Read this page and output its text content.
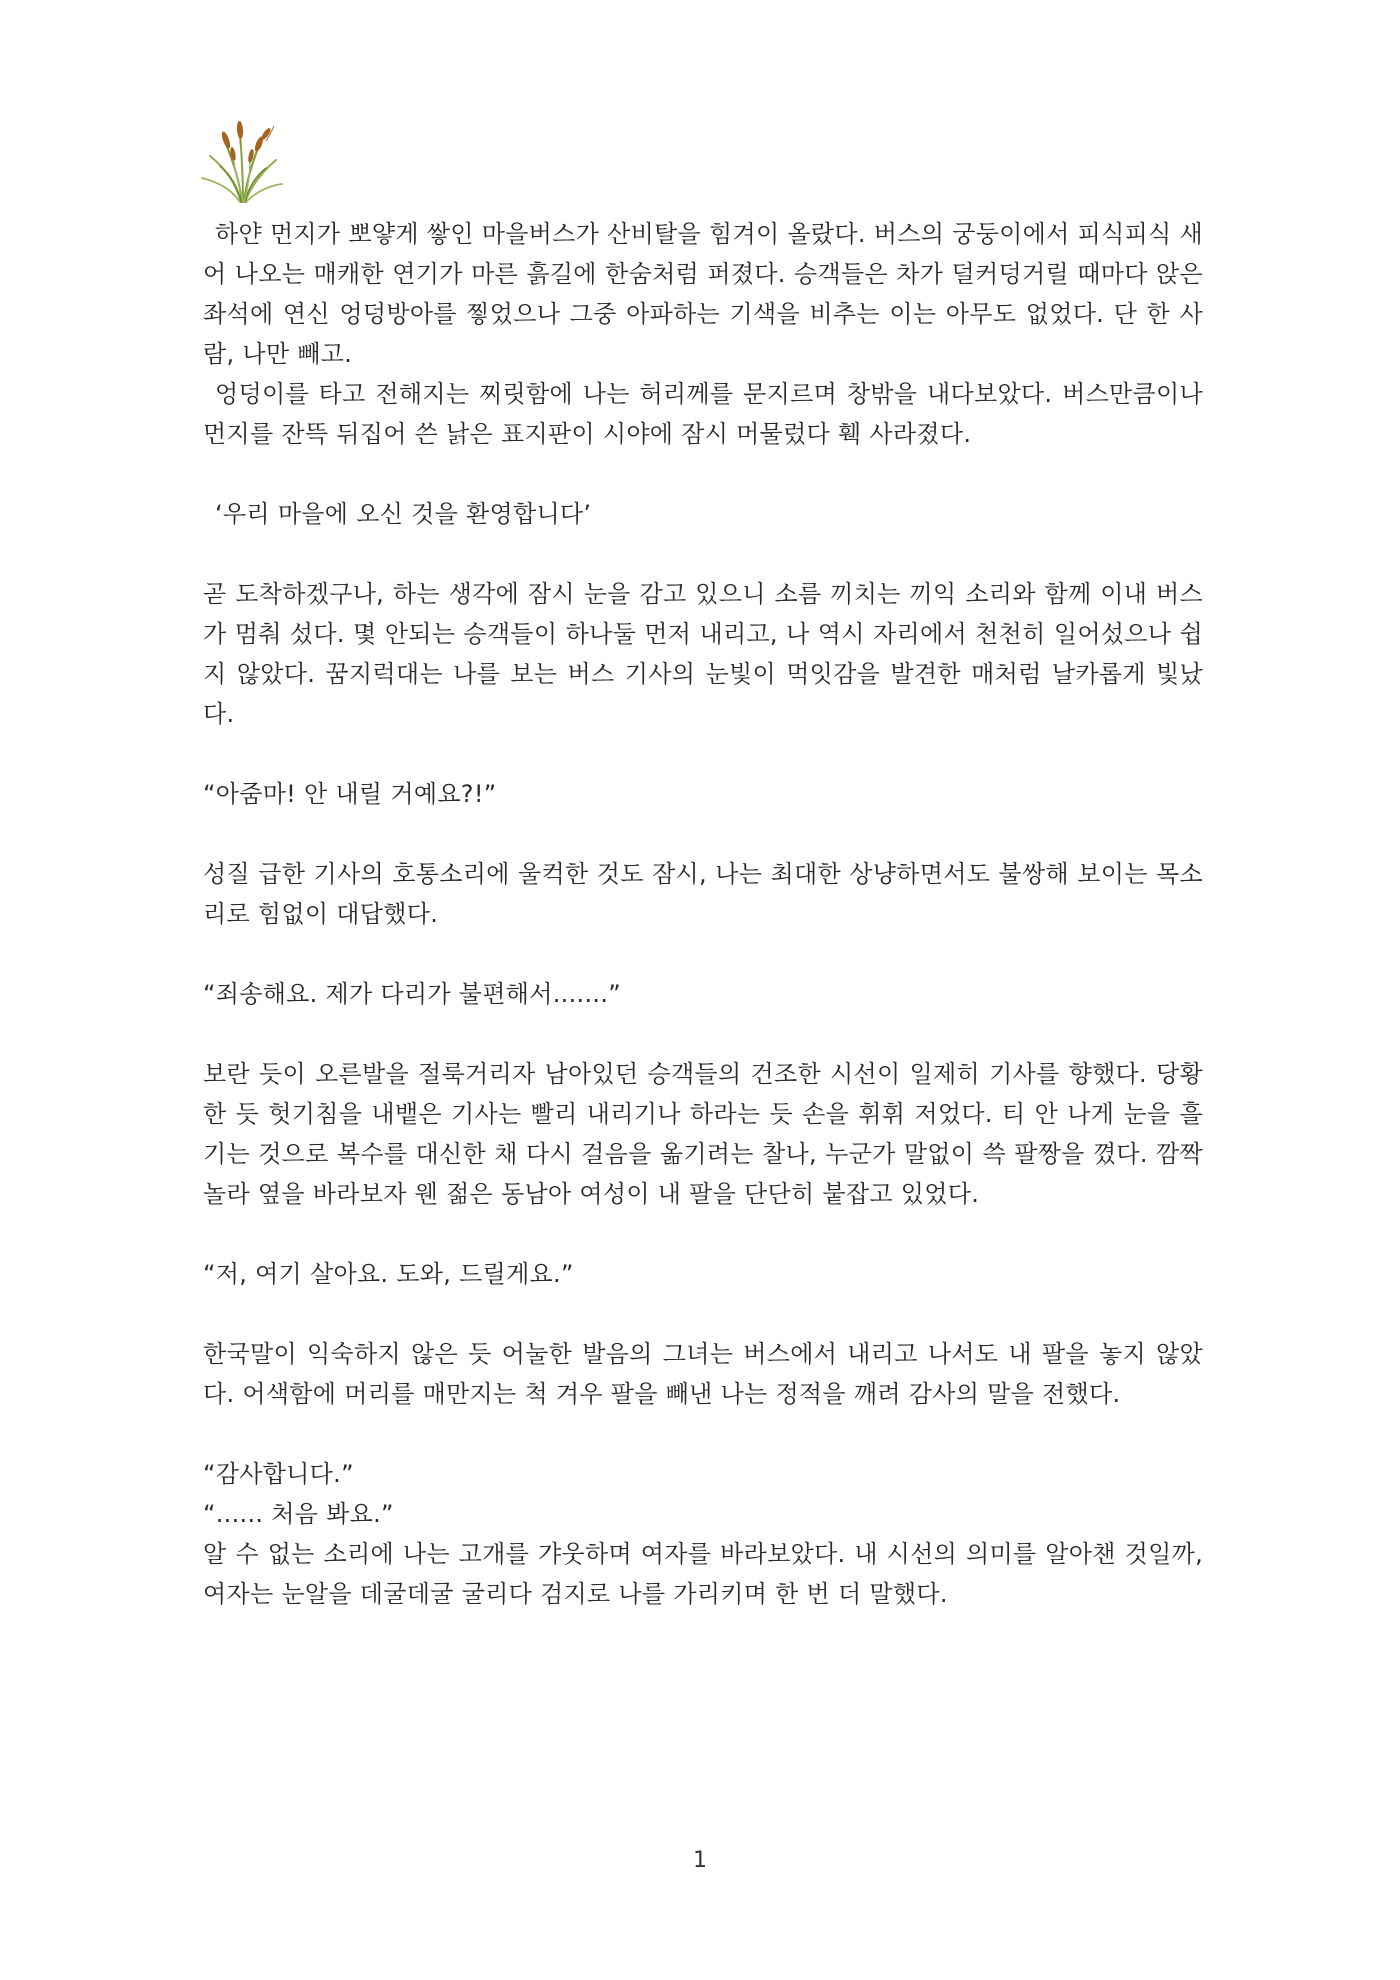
하얀 먼지가 뽀얗게 쌓인 마을버스가 산비탈을 힘겨이 올랐다. 버스의 궁둥이에서 피식피식 새어 나오는 매캐한 연기가 마른 흙길에 한숨처럼 퍼졌다. 승객들은 차가 덜커덩거릴 때마다 앉은 좌석에 연신 엉덩방아를 찧었으나 그중 아파하는 기색을 비추는 이는 아무도 없었다. 단 한 사람, 나만 빼고.

엉덩이를 타고 전해지는 찌릿함에 나는 허리께를 문지르며 창밖을 내다보았다. 버스만큼이나 먼지를 잔뜩 뒤집어 쓴 낡은 표지판이 시야에 잠시 머물렀다 훽 사라졌다.

‘우리 마을에 오신 것을 환영합니다’

곧 도착하겠구나, 하는 생각에 잠시 눈을 감고 있으니 소름 끼치는 끼익 소리와 함께 이내 버스가 멈춰 섰다. 몇 안되는 승객들이 하나둘 먼저 내리고, 나 역시 자리에서 천천히 일어섰으나 쉽지 않았다. 꿈지럭대는 나를 보는 버스 기사의 눈빛이 먹잇감을 발견한 매처럼 날카롭게 빛났다.

“아줌마! 안 내릴 거예요?!”

성질 급한 기사의 호통소리에 울컥한 것도 잠시, 나는 최대한 상냥하면서도 불쌍해 보이는 목소리로 힘없이 대답했다.

“죄송해요. 제가 다리가 불편해서.......”

보란 듯이 오른발을 절룩거리자 남아있던 승객들의 건조한 시선이 일제히 기사를 향했다. 당황한 듯 헛기침을 내뱉은 기사는 빨리 내리기나 하라는 듯 손을 휘휘 저었다. 티 안 나게 눈을 흘기는 것으로 복수를 대신한 채 다시 걸음을 옮기려는 찰나, 누군가 말없이 쓱 팔짱을 꼈다. 깜짝 놀라 옆을 바라보자 웬 젊은 동남아 여성이 내 팔을 단단히 붙잡고 있었다.

“저, 여기 살아요. 도와, 드릴게요.”

한국말이 익숙하지 않은 듯 어눌한 발음의 그녀는 버스에서 내리고 나서도 내 팔을 놓지 않았다. 어색함에 머리를 매만지는 척 겨우 팔을 빼낸 나는 정적을 깨려 감사의 말을 전했다.

“감사합니다.”

“...... 처음 봐요.”

알 수 없는 소리에 나는 고개를 갸웃하며 여자를 바라보았다. 내 시선의 의미를 알아챈 것일까, 여자는 눈알을 데굴데굴 굴리다 검지로 나를 가리키며 한 번 더 말했다.

1
